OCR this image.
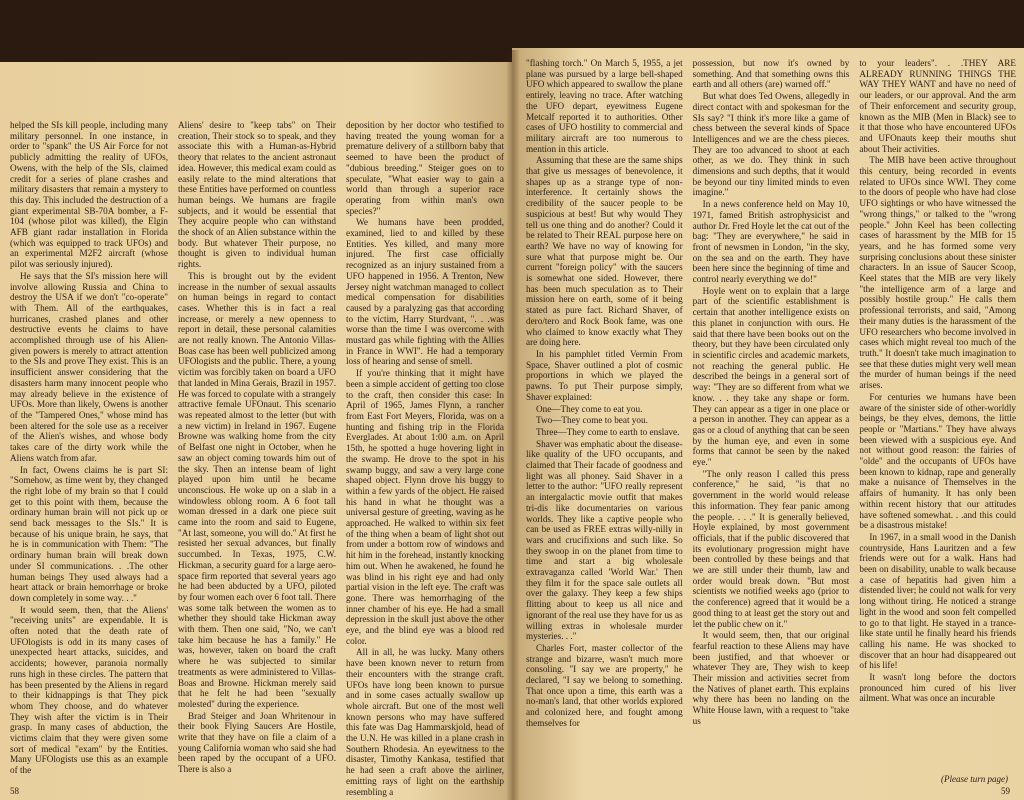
helped the SIs kill people, including many military personnel. In one instance, in order to "spank" the US Air Force for not publicly admitting the reality of UFOs, Owens, with the help of the SIs, claimed credit for a series of plane crashes and military disasters that remain a mystery to this day. This included the destruction of a giant experimental SB-70A bomber, a F-104 (whose pilot was killed), the Elgin AFB giant radar installation in Florida (which was equipped to track UFOs) and an experimental M2F2 aircraft (whose pilot was seriously injured).

He says that the SI's mission here will involve allowing Russia and China to destroy the USA if we don't "co-operate" with Them. All of the earthquakes, hurricanes, crashed planes and other destructive events he claims to have accomplished through use of his Alien-given powers is merely to attract attention to the SIs and prove They exist. This is an insufficient answer considering that the disasters harm many innocent people who may already believe in the existence of UFOs. More than likely, Owens is another of the "Tampered Ones," whose mind has been altered for the sole use as a receiver of the Alien's wishes, and whose body takes care of the dirty work while the Aliens watch from afar.

In fact, Owens claims he is part SI: "Somehow, as time went by, they changed the right lobe of my brain so that I could get to this point with them, because the ordinary human brain will not pick up or send back messages to the SIs." It is because of his unique brain, he says, that he is in communication with Them: "The ordinary human brain will break down under SI communications. . .The other human beings They used always had a heart attack or brain hemorrhage or broke down completely in some way. . ."

It would seem, then, that the Aliens' "receiving units" are expendable. It is often noted that the death rate of UFOlogists is odd in its many cases of unexpected heart attacks, suicides, and accidents; however, paranoia normally runs high in these circles. The pattern that has been presented by the Aliens in regard to their kidnappings is that They pick whom They choose, and do whatever They wish after the victim is in Their grasp. In many cases of abduction, the victims claim that they were given some sort of medical "exam" by the Entities. Many UFOlogists use this as an example of the

Aliens' desire to "keep tabs" on Their creation, Their stock so to speak, and they associate this with a Human-as-Hybrid theory that relates to the ancient astronaut idea. However, this medical exam could as easily relate to the mind alterations that these Entities have performed on countless human beings. We humans are fragile subjects, and it would be essential that They acquire people who can withstand the shock of an Alien substance within the body. But whatever Their purpose, no thought is given to individual human rights.

This is brought out by the evident increase in the number of sexual assaults on human beings in regard to contact cases. Whether this is in fact a real increase, or merely a new openness to report in detail, these personal calamities are not really known. The Antonio Villas-Boas case has been well publicized among UFOlogists and the public. There, a young victim was forcibly taken on board a UFO that landed in Mina Gerais, Brazil in 1957. He was forced to copulate with a strangely attractive female UFOnaut. This scenario was repeated almost to the letter (but with a new victim) in Ireland in 1967. Eugene Browne was walking home from the city of Belfast one night in October, when he saw an object coming towards him out of the sky. Then an intense beam of light played upon him until he became unconscious. He woke up on a slab in a windowless oblong room. A 6 foot tall woman dressed in a dark one piece suit came into the room and said to Eugene, "At last, someone, you will do." At first he resisted her sexual advances, but finally succumbed. In Texas, 1975, C.W. Hickman, a security guard for a large aero-space firm reported that several years ago he had been abducted by a UFO, piloted by four women each over 6 foot tall. There was some talk between the women as to whether they should take Hickman away with them. Then one said, "No, we can't take him because he has a family." He was, however, taken on board the craft where he was subjected to similar treatments as were administered to Villas-Boas and Browne. Hickman merely said that he felt he had been "sexually molested" during the experience.

Brad Steiger and Joan Whritenour in their book Flying Saucers Are Hostile, write that they have on file a claim of a young California woman who said she had been raped by the occupant of a UFO. There is also a

deposition by her doctor who testified to having treated the young woman for a premature delivery of a stillborn baby that seemed to have been the product of "dubious breeding." Steiger goes on to speculate, "What easier way to gain a world than through a superior race operating from within man's own species?"

We humans have been prodded, examined, lied to and killed by these Entities. Yes killed, and many more injured. The first case officially recognized as an injury sustained from a UFO happened in 1956. A Trenton, New Jersey night watchman managed to collect medical compensation for disabilities caused by a paralyzing gas that according to the victim, Harry Sturdvant, ". . .was worse than the time I was overcome with mustard gas while fighting with the Allies in France in WWI". He had a temporary loss of hearing and sense of smell.

If you're thinking that it might have been a simple accident of getting too close to the craft, then consider this case: In April of 1965, James Flynn, a rancher from East Fort Meyers, Florida, was on a hunting and fishing trip in the Florida Everglades. At about 1:00 a.m. on April 15th, he spotted a huge hovering light in the swamp. He drove to the spot in his swamp buggy, and saw a very large cone shaped object. Flynn drove his buggy to within a few yards of the object. He raised his hand in what he thought was a universal gesture of greeting, waving as he approached. He walked to within six feet of the thing when a beam of light shot out from under a bottom row of windows and hit him in the forehead, instantly knocking him out. When he awakened, he found he was blind in his right eye and had only partial vision in the left eye. The craft was gone. There was hemorrhaging of the inner chamber of his eye. He had a small depression in the skull just above the other eye, and the blind eye was a blood red color.

All in all, he was lucky. Many others have been known never to return from their encounters with the strange craft. UFOs have long been known to pursue and in some cases actually swallow up whole aircraft. But one of the most well known persons who may have suffered this fate was Dag Hammarskjold, head of the U.N. He was killed in a plane crash in Southern Rhodesia. An eyewitness to the disaster, Timothy Kankasa, testified that he had seen a craft above the airliner, emitting rays of light on the earthship resembling a

58

"flashing torch." On March 5, 1955, a jet plane was pursued by a large bell-shaped UFO which appeared to swallow the plane entirely, leaving no trace. After watching the UFO depart, eyewitness Eugene Metcalf reported it to authorities. Other cases of UFO hostility to commercial and military aircraft are too numerous to mention in this article.

Assuming that these are the same ships that give us messages of benevolence, it shapes up as a strange type of non-interference. It certainly shows the credibility of the saucer people to be suspicious at best! But why would They tell us one thing and do another? Could it be related to Their REAL purpose here on earth? We have no way of knowing for sure what that purpose might be. Our current "foreign policy" with the saucers is somewhat one sided. However, there has been much speculation as to Their mission here on earth, some of it being stated as pure fact. Richard Shaver, of dero/tero and Rock Book fame, was one who claimed to know exactly what They are doing here.

In his pamphlet titled Vermin From Space, Shaver outlined a plot of cosmic proportions in which we played the pawns. To put Their purpose simply, Shaver explained:

One—They come to eat you.

Two—They come to beat you.

Three—They come to earth to enslave.

Shaver was emphatic about the disease-like quality of the UFO occupants, and claimed that Their facade of goodness and light was all phoney. Said Shaver in a letter to the author: "UFO really represent an intergalactic movie outfit that makes tri-dis like documentaries on various worlds. They like a captive people who can be used as FREE extras willy-nilly in wars and crucifixions and such like. So they swoop in on the planet from time to time and start a big wholesale extravaganza called 'World War.' Then they film it for the space sale outlets all over the galaxy. They keep a few ships flitting about to keep us all nice and ignorant of the real use they have for us as willing extras in wholesale murder mysteries. . ."

Charles Fort, master collector of the strange and bizarre, wasn't much more consoling. "I say we are property," he declared, "I say we belong to something. That once upon a time, this earth was a no-man's land, that other worlds explored and colonized here, and fought among themselves for

possession, but now it's owned by something. And that something owns this earth and all others (are) warned off."

But what does Ted Owens, allegedly in direct contact with and spokesman for the SIs say? "I think it's more like a game of chess between the several kinds of Space Intelligences and we are the chess pieces. They are too advanced to shoot at each other, as we do. They think in such dimensions and such depths, that it would be beyond our tiny limited minds to even imagine."

In a news conference held on May 10, 1971, famed British astrophysicist and author Dr. Fred Hoyle let the cat out of the bag: "They are everywhere," he said in front of newsmen in London, "in the sky, on the sea and on the earth. They have been here since the beginning of time and control nearly everything we do!"

Hoyle went on to explain that a large part of the scientific establishment is certain that another intelligence exists on this planet in conjunction with ours. He said that there have been books out on the theory, but they have been circulated only in scientific circles and academic markets, not reaching the general public. He described the beings in a general sort of way: "They are so different from what we know. . . they take any shape or form. They can appear as a tiger in one place or a person in another. They can appear as a gas or a cloud of anything that can be seen by the human eye, and even in some forms that cannot be seen by the naked eye."

"The only reason I called this press conference," he said, "is that no government in the world would release this information. They fear panic among the people. . . ." It is generally believed, Hoyle explained, by most government officials, that if the public discovered that its evolutionary progression might have been controlled by these beings and that we are still under their thumb, law and order would break down. "But most scientists we notified weeks ago (prior to the conference) agreed that it would be a good thing to at least get the story out and let the public chew on it."

It would seem, then, that our original fearful reaction to these Aliens may have been justified, and that whoever or whatever They are, They wish to keep Their mission and activities secret from the Natives of planet earth. This explains why there has been no landing on the White House lawn, with a request to "take us

to your leaders". . .THEY ARE ALREADY RUNNING THINGS THE WAY THEY WANT and have no need of our leaders, or our approval. And the arm of Their enforcement and security group, known as the MIB (Men in Black) see to it that those who have encountered UFOs and UFOnauts keep their mouths shut about Their activities.

The MIB have been active throughout this century, being recorded in events related to UFOs since WWI. They come to the doors of people who have had close UFO sightings or who have witnessed the "wrong things," or talked to the "wrong people." John Keel has been collecting cases of harassment by the MIB for 15 years, and he has formed some very surprising conclusions about these sinister characters. In an issue of Saucer Scoop, Keel states that the MIB are very likely "the intelligence arm of a large and possibly hostile group." He calls them professional terrorists, and said, "Among their many duties is the harassment of the UFO researchers who become involved in cases which might reveal too much of the truth." It doesn't take much imagination to see that these duties might very well mean the murder of human beings if the need arises.

For centuries we humans have been aware of the sinister side of other-worldly beings, be they elves, demons, the little people or "Martians." They have always been viewed with a suspicious eye. And not without good reason: the fairies of "olde" and the occupants of UFOs have been known to kidnap, rape and generally make a nuisance of Themselves in the affairs of humanity. It has only been within recent history that our attitudes have softened somewhat. . .and this could be a disastrous mistake!

In 1967, in a small wood in the Danish countryside, Hans Lauritzen and a few friends were out for a walk. Hans had been on disability, unable to walk because a case of hepatitis had given him a distended liver; he could not walk for very long without tiring. He noticed a strange light in the wood and soon felt compelled to go to that light. He stayed in a trance-like state until he finally heard his friends calling his name. He was shocked to discover that an hour had disappeared out of his life!

It wasn't long before the doctors pronounced him cured of his liver ailment. What was once an incurable

(Please turn page)
59
